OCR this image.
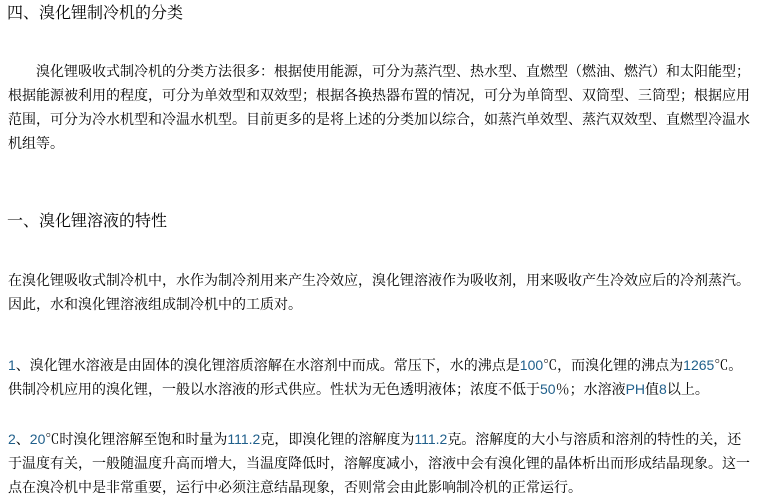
四、溴化锂制冷机的分类
　　溴化锂吸收式制冷机的分类方法很多：根据使用能源，可分为蒸汽型、热水型、直燃型（燃油、燃汽）和太阳能型；
根据能源被利用的程度，可分为单效型和双效型；根据各换热器布置的情况，可分为单筒型、双筒型、三筒型；根据应用
范围，可分为冷水机型和冷温水机型。目前更多的是将上述的分类加以综合，如蒸汽单效型、蒸汽双效型、直燃型冷温水
机组等。
一、溴化锂溶液的特性
在溴化锂吸收式制冷机中，水作为制冷剂用来产生冷效应，溴化锂溶液作为吸收剂，用来吸收产生冷效应后的冷剂蒸汽。
因此，水和溴化锂溶液组成制冷机中的工质对。
1、溴化锂水溶液是由固体的溴化锂溶质溶解在水溶剂中而成。常压下，水的沸点是100℃，而溴化锂的沸点为1265℃。
供制冷机应用的溴化锂，一般以水溶液的形式供应。性状为无色透明液体；浓度不低于50％；水溶液PH值8以上。
2、20℃时溴化锂溶解至饱和时量为111.2克，即溴化锂的溶解度为111.2克。溶解度的大小与溶质和溶剂的特性的关，还
于温度有关，一般随温度升高而增大，当温度降低时，溶解度减小，溶液中会有溴化锂的晶体析出而形成结晶现象。这一
点在溴冷机中是非常重要，运行中必须注意结晶现象，否则常会由此影响制冷机的正常运行。
